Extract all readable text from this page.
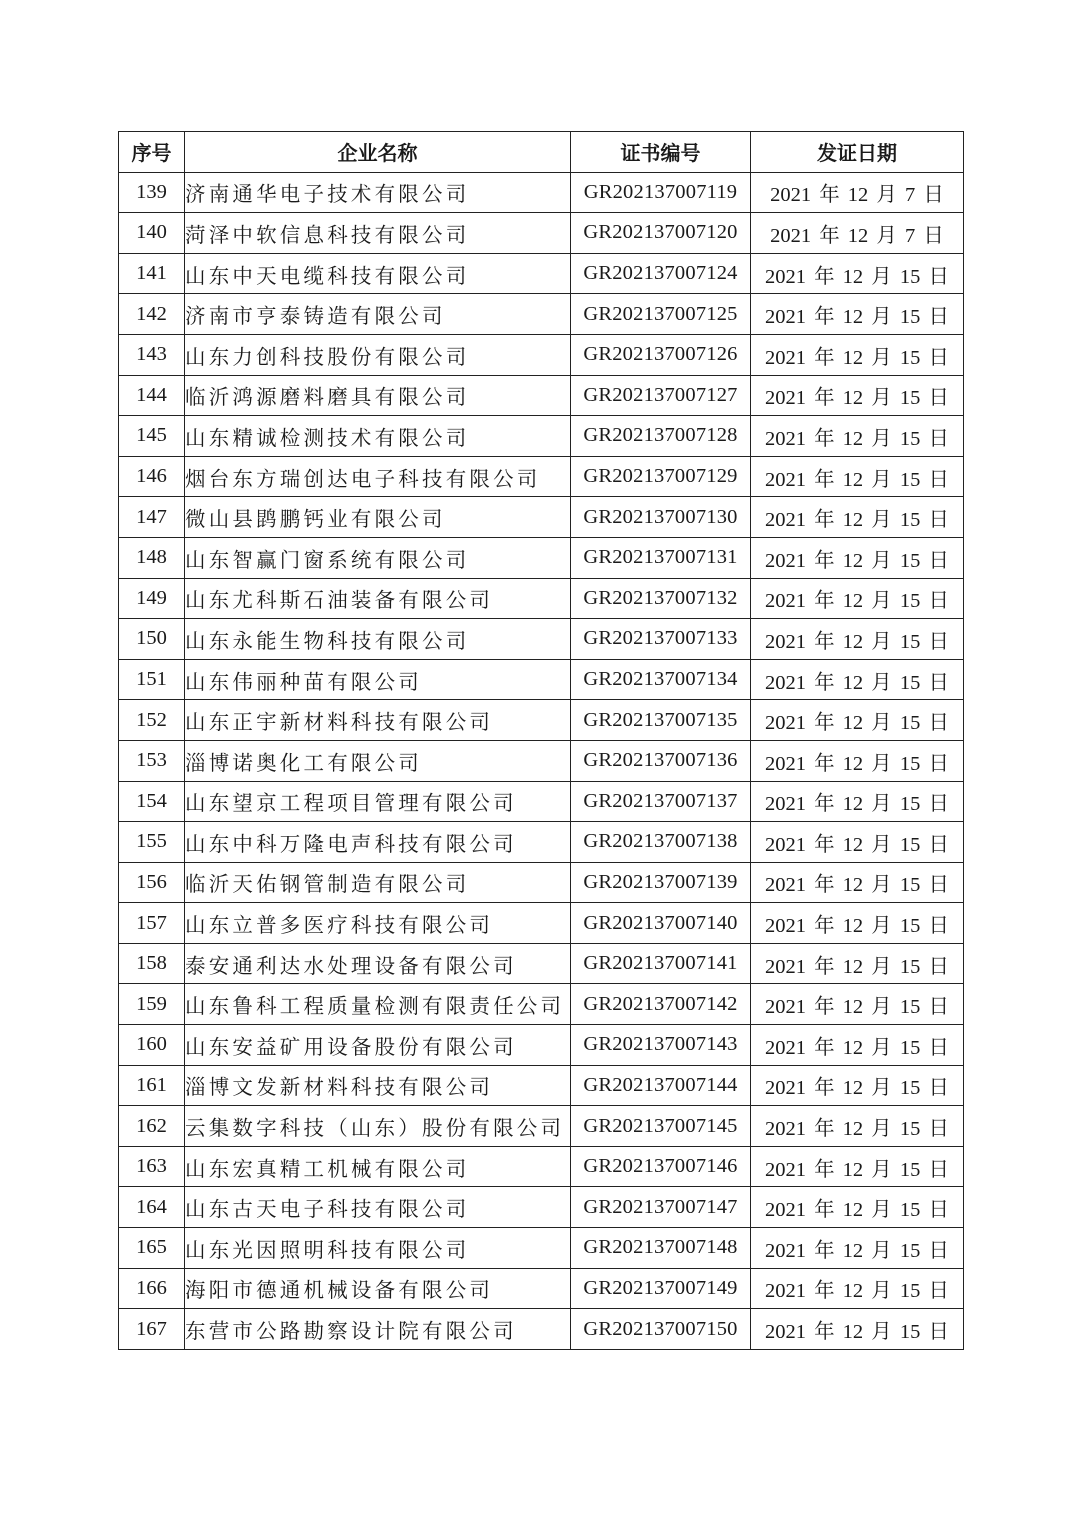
序号	企业名称	证书编号	发证日期
139	济南通华电子技术有限公司	GR202137007119	2021 年 12 月 7 日
140	菏泽中软信息科技有限公司	GR202137007120	2021 年 12 月 7 日
141	山东中天电缆科技有限公司	GR202137007124	2021 年 12 月 15 日
142	济南市亨泰铸造有限公司	GR202137007125	2021 年 12 月 15 日
143	山东力创科技股份有限公司	GR202137007126	2021 年 12 月 15 日
144	临沂鸿源磨料磨具有限公司	GR202137007127	2021 年 12 月 15 日
145	山东精诚检测技术有限公司	GR202137007128	2021 年 12 月 15 日
146	烟台东方瑞创达电子科技有限公司	GR202137007129	2021 年 12 月 15 日
147	微山县鹍鹏钙业有限公司	GR202137007130	2021 年 12 月 15 日
148	山东智赢门窗系统有限公司	GR202137007131	2021 年 12 月 15 日
149	山东尤科斯石油装备有限公司	GR202137007132	2021 年 12 月 15 日
150	山东永能生物科技有限公司	GR202137007133	2021 年 12 月 15 日
151	山东伟丽种苗有限公司	GR202137007134	2021 年 12 月 15 日
152	山东正宇新材料科技有限公司	GR202137007135	2021 年 12 月 15 日
153	淄博诺奥化工有限公司	GR202137007136	2021 年 12 月 15 日
154	山东望京工程项目管理有限公司	GR202137007137	2021 年 12 月 15 日
155	山东中科万隆电声科技有限公司	GR202137007138	2021 年 12 月 15 日
156	临沂天佑钢管制造有限公司	GR202137007139	2021 年 12 月 15 日
157	山东立普多医疗科技有限公司	GR202137007140	2021 年 12 月 15 日
158	泰安通利达水处理设备有限公司	GR202137007141	2021 年 12 月 15 日
159	山东鲁科工程质量检测有限责任公司	GR202137007142	2021 年 12 月 15 日
160	山东安益矿用设备股份有限公司	GR202137007143	2021 年 12 月 15 日
161	淄博文发新材料科技有限公司	GR202137007144	2021 年 12 月 15 日
162	云集数字科技（山东）股份有限公司	GR202137007145	2021 年 12 月 15 日
163	山东宏真精工机械有限公司	GR202137007146	2021 年 12 月 15 日
164	山东古天电子科技有限公司	GR202137007147	2021 年 12 月 15 日
165	山东光因照明科技有限公司	GR202137007148	2021 年 12 月 15 日
166	海阳市德通机械设备有限公司	GR202137007149	2021 年 12 月 15 日
167	东营市公路勘察设计院有限公司	GR202137007150	2021 年 12 月 15 日
